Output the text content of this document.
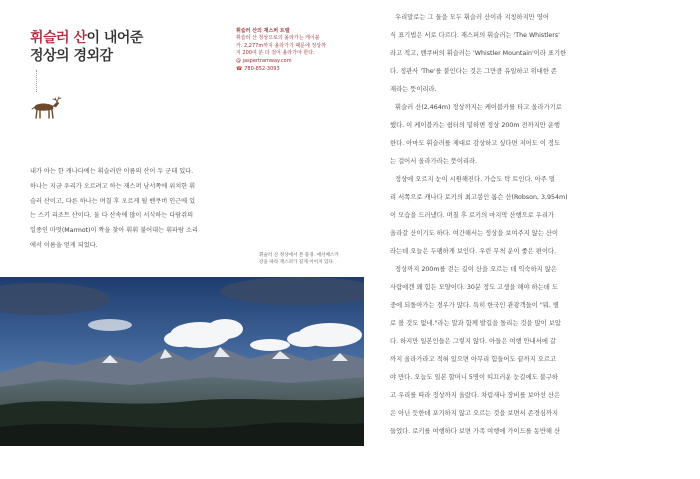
휘슬러 산이 내어준
정상의 경외감
휘슬러 산의 재스퍼 트램
휘슬러 산 정상으로의 올라가는 케이블
카. 2,277m까지 올라가기 때문에 정상까
지 200여 분 더 걸어 올라가야 한다.
@ jaspertramway.com
☎ 780-852-3093

내가 아는 한 캐나다에는 휘슬러란 이름의 산이 두 군데 있다.
하나는 지금 우리가 오르려고 하는 재스퍼 남서쪽에 위치한 휘
슬러 산이고, 다른 하나는 며칠 후 오르게 될 밴쿠버 인근에 있
는 스키 리조트 산이다. 둘 다 산속에 많이 서식하는 다람쥐의
일종인 마멋(Marmot)이 짝을 찾아 휘휘 불어대는 휘파람 소리
에서 이름을 얻게 되었다.

휘슬러 산 정상에서 본 풍경. 애서배스카
강을 따라 재스퍼가 길게 이어져 있다.
우리말로는 그 둘을 모두 휘슬러 산이라 지칭하지만 영어
식 표기법은 서로 다르다. 재스퍼의 휘슬러는 'The Whistlers'
라고 적고, 밴쿠버의 휘슬러는 'Whistler Mountain'이라 표기한
다. 정관사 'The'를 붙인다는 것은 그만큼 유일하고 위대한 존
재라는 뜻이리라.
휘슬러 산(2,464m) 정상까지는 케이블카를 타고 올라가기로
했다. 이 케이블카는 쉼터의 밑하변 정상 200m 전까지만 운행
한다. 아마도 휘슬러를 제대로 감상하고 싶다면 저어도 이 정도
는 걸어서 올라가라는 뜻이리라.
정상에 오르지 눈이 시원해진다. 가슴도 탁 트인다. 아주 멀
리 서쪽으로 캐나다 로키의 최고봉인 롭슨 산(Robson, 3,954m)
이 모습을 드러냈다. 며칠 후 로키의 마지막 산행으로 우리가
올라갈 산이기도 하다. 여간해서는 정상을 보여주지 않는 산이
라는데 오늘은 두팽하게 보인다. 우린 무척 운이 좋은 편이다.
정상까지 200m를 걷는 길이 산을 오르는 데 익숙하지 않은
사람에겐 꽤 힘든 모양이다. 30분 정도 고생을 해야 하는데 도
중에 되돌아가는 경우가 많다. 특히 한국인 관광객들이 "뭐, 별
로 볼 것도 없네."라는 말과 함께 발길을 돌리는 것을 많이 보았
다. 하지만 일본인들은 그렇지 않다. 아들은 여행 안내서에 갈
까지 올라가라고 적혀 있으면 아무리 힘들어도 끝까지 오르고
야 만다. 오늘도 일본 할머니 5명이 띠끄러운 눈길에도 불구하
고 우리를 따라 정상까지 올랐다. 차림새나 장비를 보아선 산은
은 아닌 듯한데 포기하지 않고 오르는 것을 보면서 존경심까지
들었다. 로키를 여행하다 보면 가족 여행에 가이드를 동반해 산
